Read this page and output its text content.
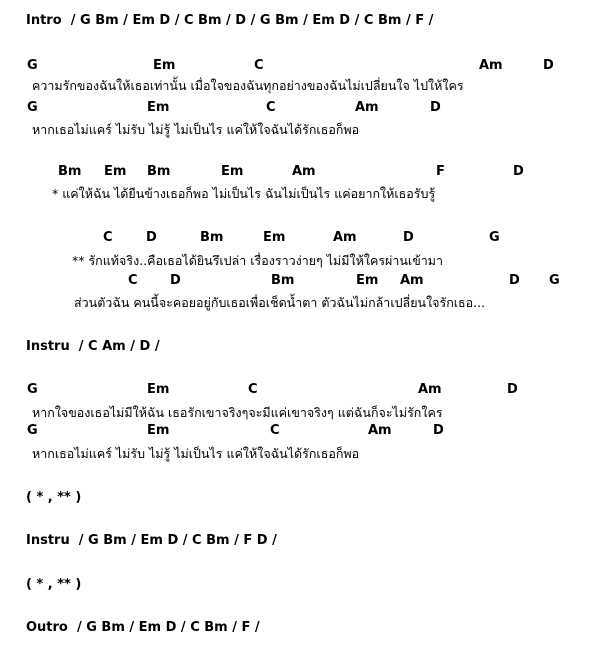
Intro / G Bm / Em D / C Bm / D / G Bm / Em D / C Bm / F /
G	Em	C	Am	D
ความรักของฉันให้เธอเท่านั้น เมื่อใจของฉันทุกอย่างของฉันไม่เปลี่ยนใจ ไปให้ใคร
G	Em	C	Am	D
หากเธอไม่แคร์ ไม่รับ ไม่รู้ ไม่เป็นไร แค่ให้ใจฉันได้รักเธอก็พอ
Bm Em Bm	Em	Am	F	D
* แค่ให้ฉัน ได้ยืนข้างเธอก็พอ ไม่เป็นไร ฉันไม่เป็นไร แค่อยากให้เธอรับรู้
C	D	Bm	Em	Am	D	G
** รักแท้จริง..คือเธอได้ยินรึเปล่า เรื่องราวง่ายๆ ไม่มีให้ใครผ่านเข้ามา
C D	Bm	Em Am	D G
ส่วนตัวฉัน คนนี้จะคอยอยู่กับเธอเพื่อเช็ดน้ำตา ตัวฉันไม่กล้าเปลี่ยนใจรักเธอ...
Instru / C Am / D /
G	Em	C	Am	D
หากใจของเธอไม่มีให้ฉัน เธอรักเขาจริงๆจะมีแค่เขาจริงๆ แต่ฉันก็จะไม่รักใคร
G	Em	C	Am	D
หากเธอไม่แคร์ ไม่รับ ไม่รู้ ไม่เป็นไร แค่ให้ใจฉันได้รักเธอก็พอ
( * , ** )
Instru / G Bm / Em D / C Bm / F D /
( * , ** )
Outro / G Bm / Em D / C Bm / F /
